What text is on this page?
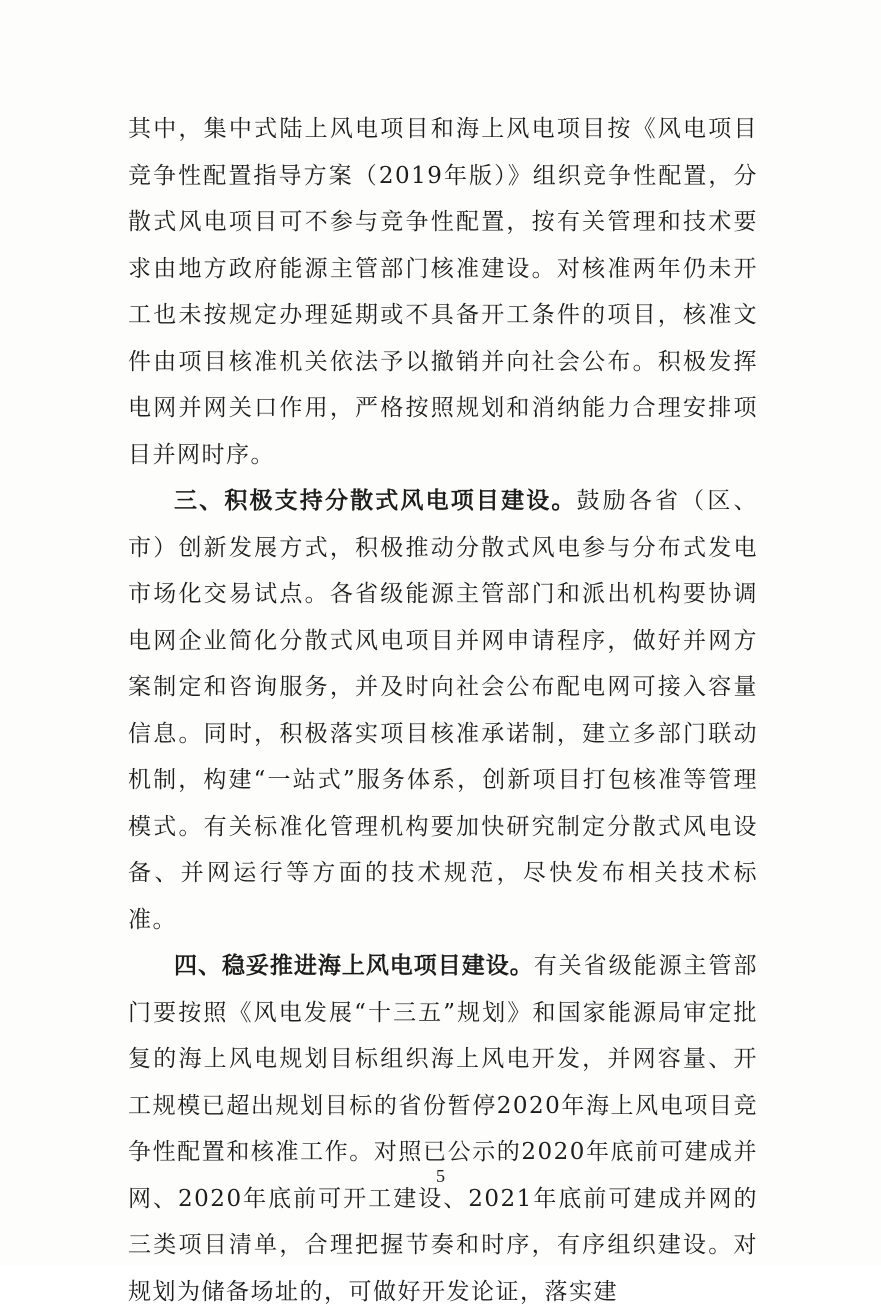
其中，集中式陆上风电项目和海上风电项目按《风电项目竞争性配置指导方案（2019年版）》组织竞争性配置，分散式风电项目可不参与竞争性配置，按有关管理和技术要求由地方政府能源主管部门核准建设。对核准两年仍未开工也未按规定办理延期或不具备开工条件的项目，核准文件由项目核准机关依法予以撤销并向社会公布。积极发挥电网并网关口作用，严格按照规划和消纳能力合理安排项目并网时序。

三、积极支持分散式风电项目建设。鼓励各省（区、市）创新发展方式，积极推动分散式风电参与分布式发电市场化交易试点。各省级能源主管部门和派出机构要协调电网企业简化分散式风电项目并网申请程序，做好并网方案制定和咨询服务，并及时向社会公布配电网可接入容量信息。同时，积极落实项目核准承诺制，建立多部门联动机制，构建“一站式”服务体系，创新项目打包核准等管理模式。有关标准化管理机构要加快研究制定分散式风电设备、并网运行等方面的技术规范，尽快发布相关技术标准。

四、稳妥推进海上风电项目建设。有关省级能源主管部门要按照《风电发展“十三五”规划》和国家能源局审定批复的海上风电规划目标组织海上风电开发，并网容量、开工规模已超出规划目标的省份暂停2020年海上风电项目竞争性配置和核准工作。对照已公示的2020年底前可建成并网、2020年底前可开工建设、2021年底前可建成并网的三类项目清单，合理把握节奏和时序，有序组织建设。对规划为储备场址的，可做好开发论证，落实建

5
